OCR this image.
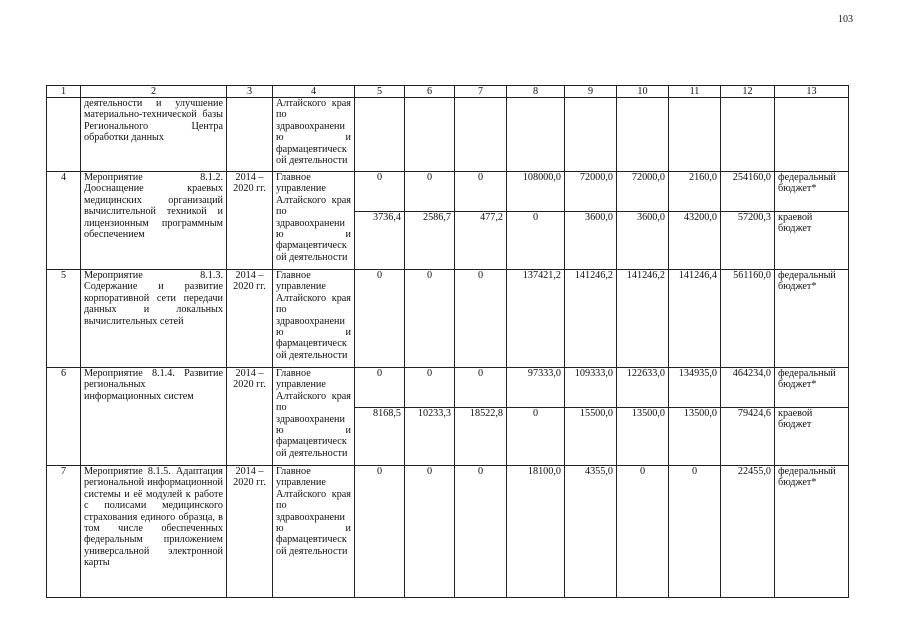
103
1	2	3	4	5	6	7	8	9	10	11	12	13
	деятельности и улучшение материально-технической базы Регионального Центра обработки данных		Алтайского края по здравоохранению и фармацевтической деятельности									
4	Мероприятие 8.1.2. Дооснащение краевых медицинских организаций вычислительной техникой и лицензионным программным обеспечением	2014 – 2020 гг.	Главное управление Алтайского края по здравоохранению и фармацевтической деятельности	0	0	0	108000,0	72000,0	72000,0	2160,0	254160,0	федеральный бюджет*
				3736,4	2586,7	477,2	0	3600,0	3600,0	43200,0	57200,3	краевой бюджет
5	Мероприятие 8.1.3. Содержание и развитие корпоративной сети передачи данных и локальных вычислительных сетей	2014 – 2020 гг.	Главное управление Алтайского края по здравоохранению и фармацевтической деятельности	0	0	0	137421,2	141246,2	141246,2	141246,4	561160,0	федеральный бюджет*
6	Мероприятие 8.1.4. Развитие региональных информационных систем	2014 – 2020 гг.	Главное управление Алтайского края по здравоохранению и фармацевтической деятельности	0	0	0	97333,0	109333,0	122633,0	134935,0	464234,0	федеральный бюджет*
				8168,5	10233,3	18522,8	0	15500,0	13500,0	13500,0	79424,6	краевой бюджет
7	Мероприятие 8.1.5. Адаптация региональной информационной системы и её модулей к работе с полисами медицинского страхования единого образца, в том числе обеспеченных федеральным приложением универсальной электронной карты	2014 – 2020 гг.	Главное управление Алтайского края по здравоохранению и фармацевтической деятельности	0	0	0	18100,0	4355,0	0	0	22455,0	федеральный бюджет*
